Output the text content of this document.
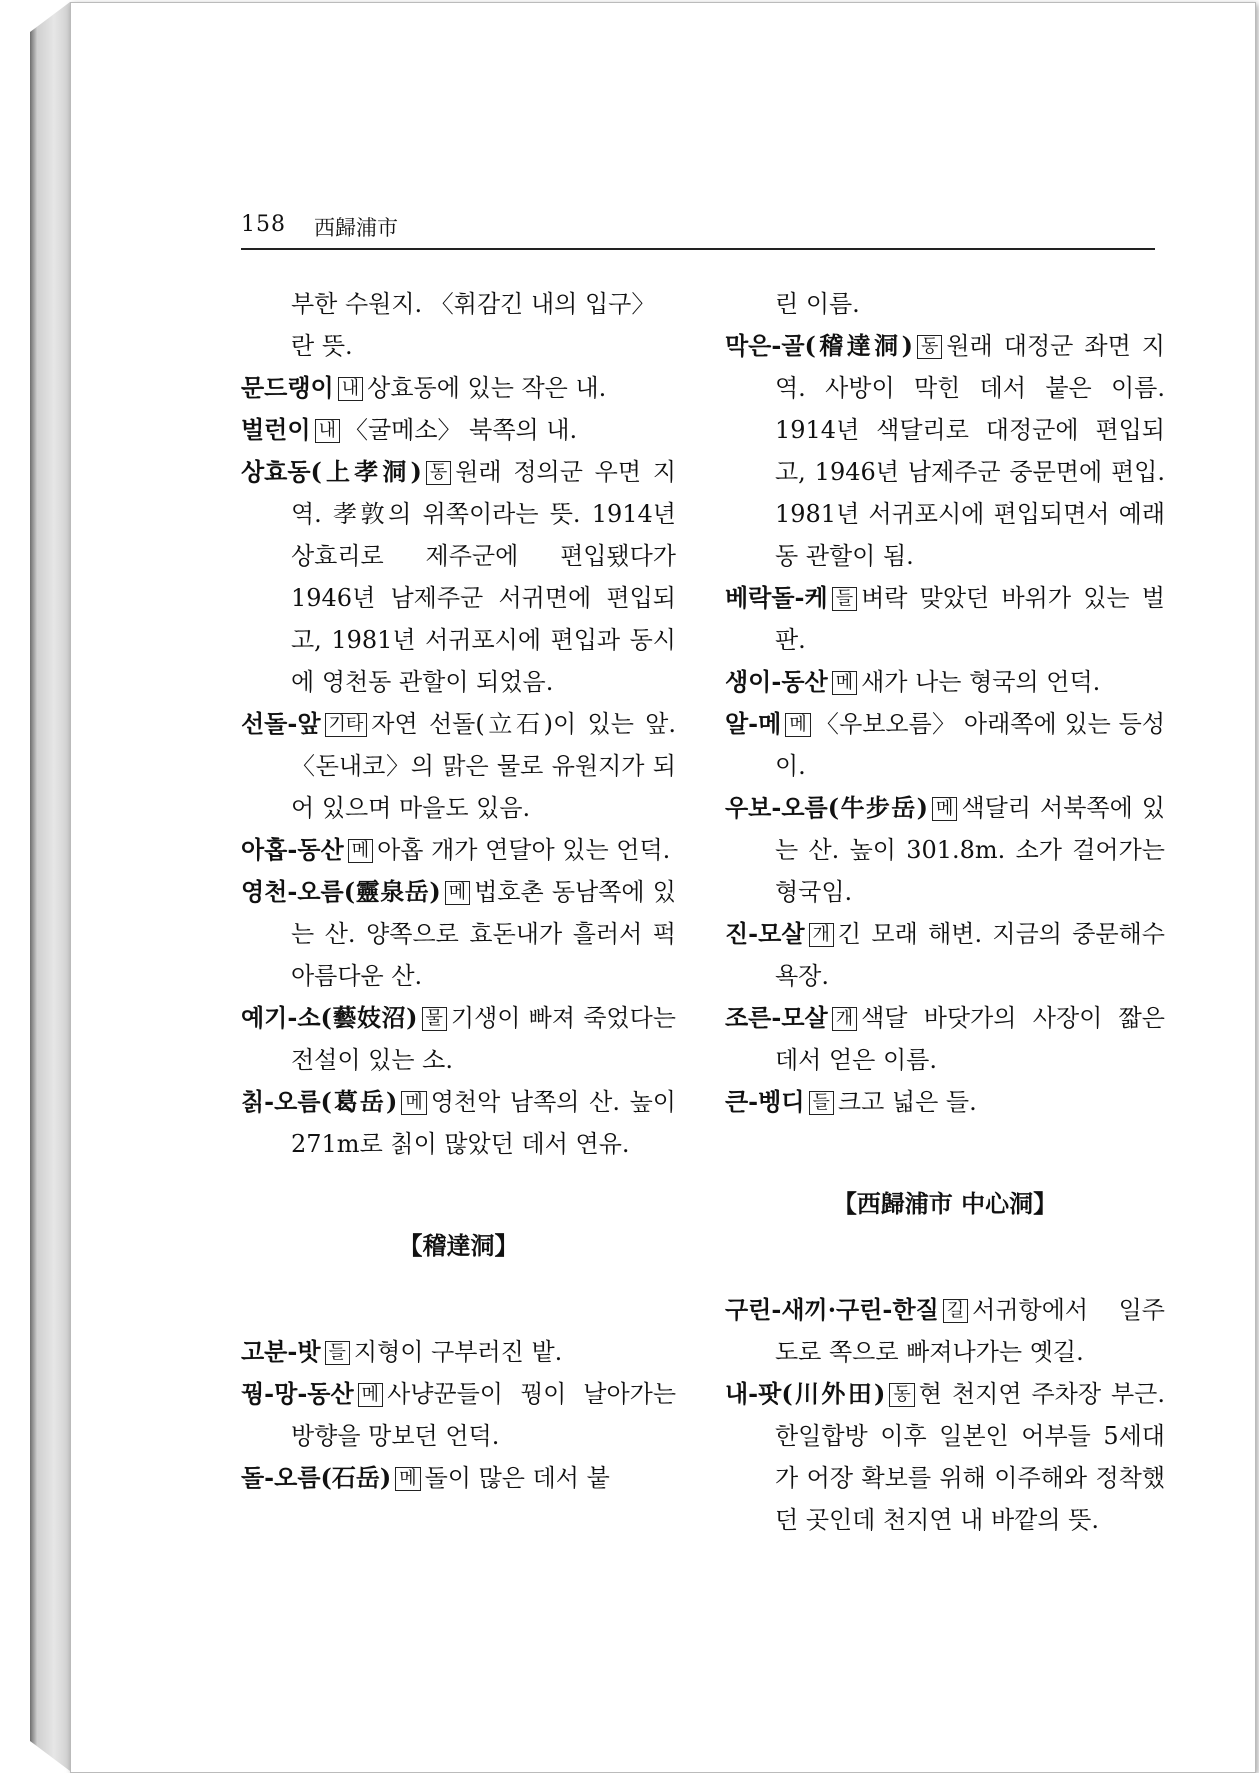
158 西歸浦市

부한 수원지. 〈휘감긴 내의 입구〉 란 뜻.

문드랭이 내 상효동에 있는 작은 내.

벌런이 내 〈굴메소〉 북쪽의 내.

상효동(上孝洞) 동 원래 정의군 우면 지역. 孝敦의 위쪽이라는 뜻. 1914년 상효리로 제주군에 편입됐다가 1946년 남제주군 서귀면에 편입되고, 1981년 서귀포시에 편입과 동시에 영천동 관할이 되었음.

선돌-앞 기타 자연 선돌(立石)이 있는 앞. 〈돈내코〉의 맑은 물로 유원지가 되어 있으며 마을도 있음.

아홉-동산 메 아홉 개가 연달아 있는 언덕.

영천-오름(靈泉岳) 메 법호촌 동남쪽에 있는 산. 양쪽으로 효돈내가 흘러서 퍽 아름다운 산.

예기-소(藝妓沼) 물 기생이 빠져 죽었다는 전설이 있는 소.

칡-오름(葛岳) 메 영천악 남쪽의 산. 높이 271m로 칡이 많았던 데서 연유.

【稽達洞】

고분-밧 들 지형이 구부러진 밭.

꿩-망-동산 메 사냥꾼들이 꿩이 날아가는 방향을 망보던 언덕.

돌-오름(石岳) 메 돌이 많은 데서 붙

린 이름.

막은-골(稽達洞) 동 원래 대정군 좌면 지역. 사방이 막힌 데서 붙은 이름. 1914년 색달리로 대정군에 편입되고, 1946년 남제주군 중문면에 편입. 1981년 서귀포시에 편입되면서 예래동 관할이 됨.

베락돌-케 들 벼락 맞았던 바위가 있는 벌판.

생이-동산 메 새가 나는 형국의 언덕.

알-메 메 〈우보오름〉 아래쪽에 있는 등성이.

우보-오름(牛步岳) 메 색달리 서북쪽에 있는 산. 높이 301.8m. 소가 걸어가는 형국임.

진-모살 개 긴 모래 해변. 지금의 중문해수욕장.

조른-모살 개 색달 바닷가의 사장이 짧은 데서 얻은 이름.

큰-벵디 들 크고 넓은 들.

【西歸浦市 中心洞】

구린-새끼·구린-한질 길 서귀항에서 일주도로 쪽으로 빠져나가는 옛길.

내-팟(川外田) 동 현 천지연 주차장 부근. 한일합방 이후 일본인 어부들 5세대가 어장 확보를 위해 이주해와 정착했던 곳인데 천지연 내 바깥의 뜻.
